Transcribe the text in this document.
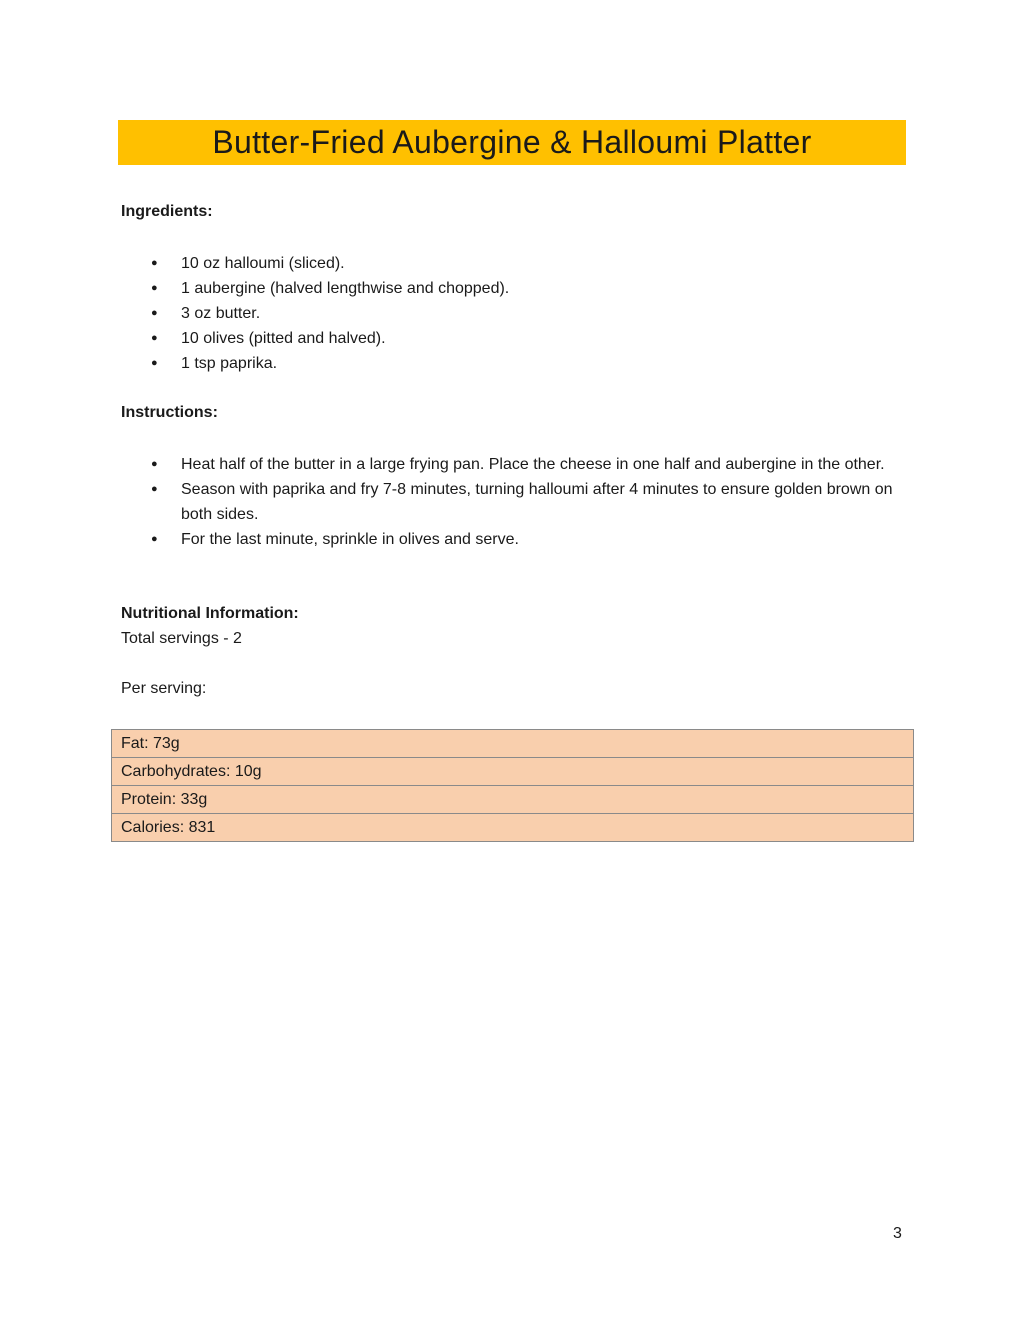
Butter-Fried Aubergine & Halloumi Platter

Ingredients:

● 10 oz halloumi (sliced).
● 1 aubergine (halved lengthwise and chopped).
● 3 oz butter.
● 10 olives (pitted and halved).
● 1 tsp paprika.

Instructions:

● Heat half of the butter in a large frying pan. Place the cheese in one half and aubergine in the other.
● Season with paprika and fry 7-8 minutes, turning halloumi after 4 minutes to ensure golden brown on both sides.
● For the last minute, sprinkle in olives and serve.

Nutritional Information:

Total servings - 2

Per serving:

Fat: 73g
Carbohydrates: 10g
Protein: 33g
Calories: 831
3
